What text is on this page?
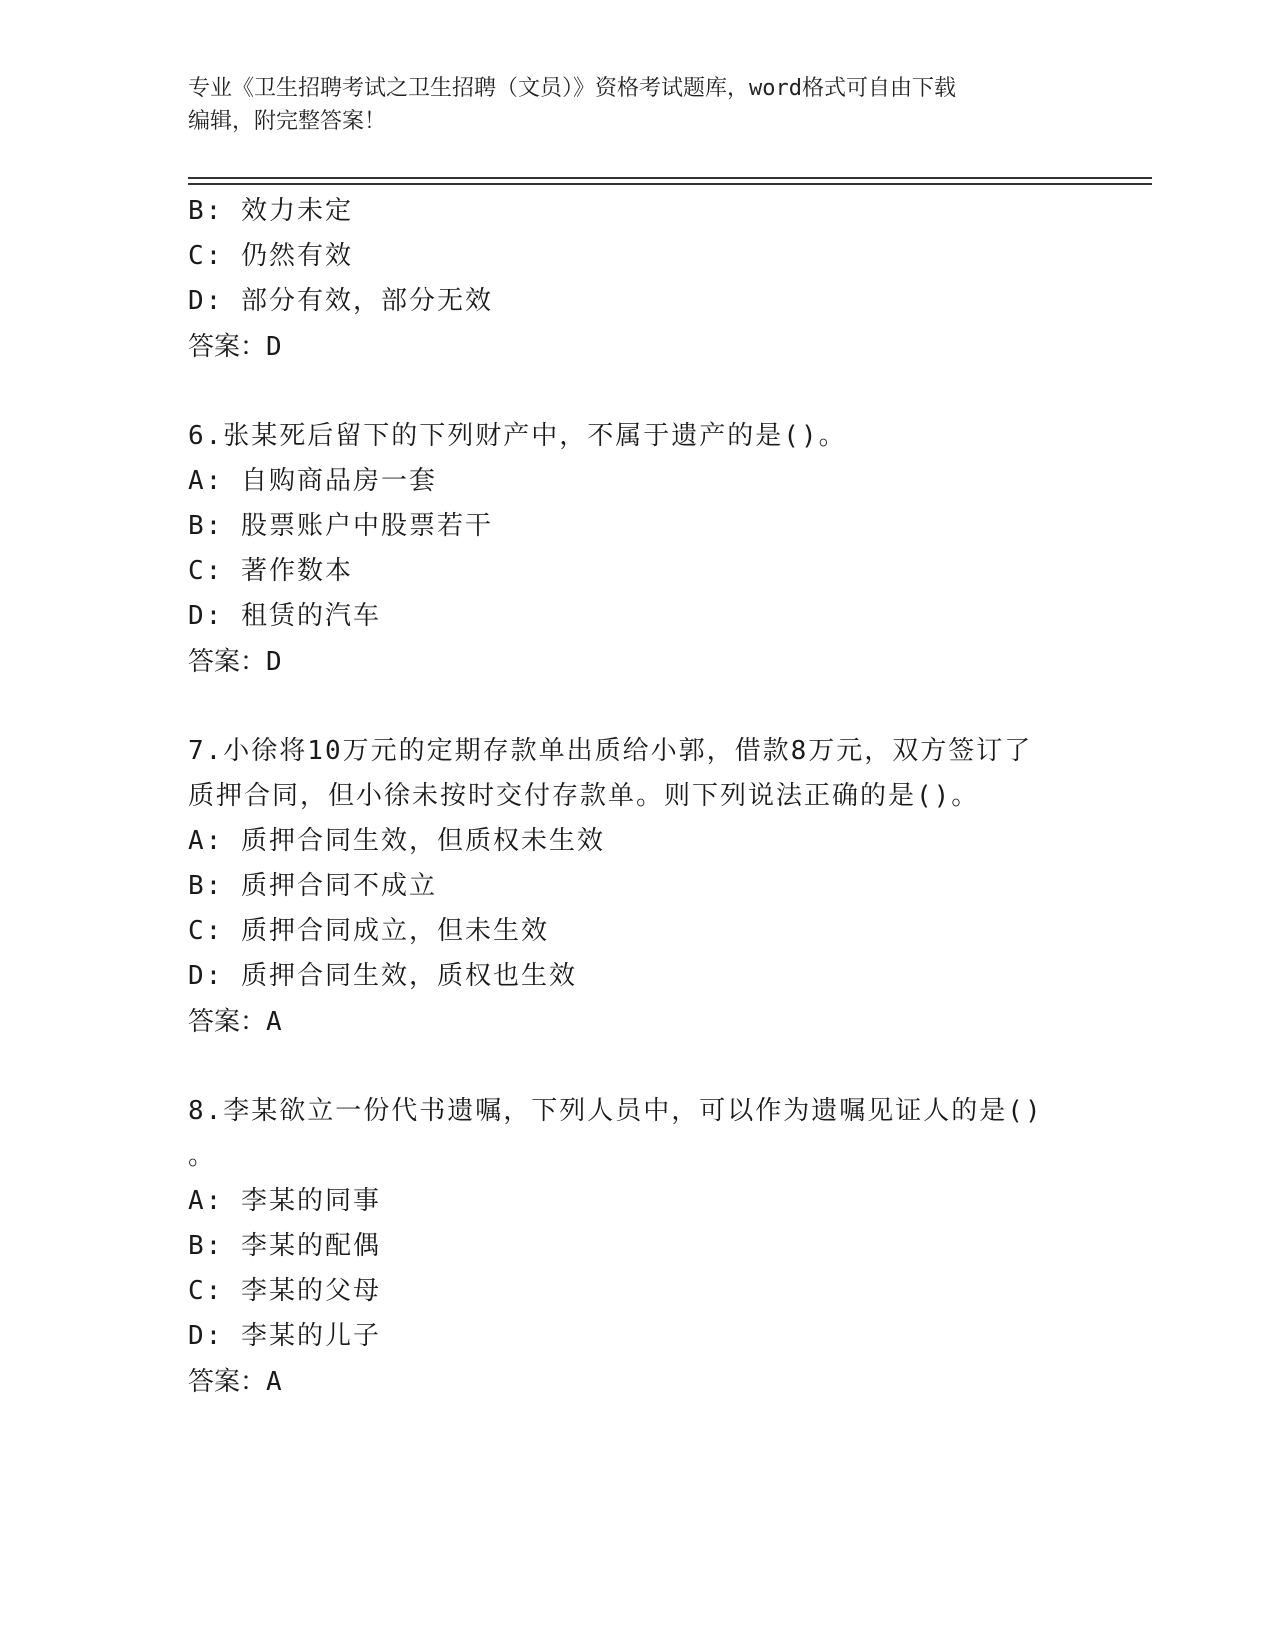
专业《卫生招聘考试之卫生招聘（文员）》资格考试题库，word格式可自由下载
编辑，附完整答案！
B: 效力未定
C: 仍然有效
D: 部分有效，部分无效
答案：D
6.张某死后留下的下列财产中，不属于遗产的是()。
A: 自购商品房一套
B: 股票账户中股票若干
C: 著作数本
D: 租赁的汽车
答案：D
7.小徐将10万元的定期存款单出质给小郭，借款8万元，双方签订了
质押合同，但小徐未按时交付存款单。则下列说法正确的是()。
A: 质押合同生效，但质权未生效
B: 质押合同不成立
C: 质押合同成立，但未生效
D: 质押合同生效，质权也生效
答案：A
8.李某欲立一份代书遗嘱，下列人员中，可以作为遗嘱见证人的是()
。
A: 李某的同事
B: 李某的配偶
C: 李某的父母
D: 李某的儿子
答案：A
